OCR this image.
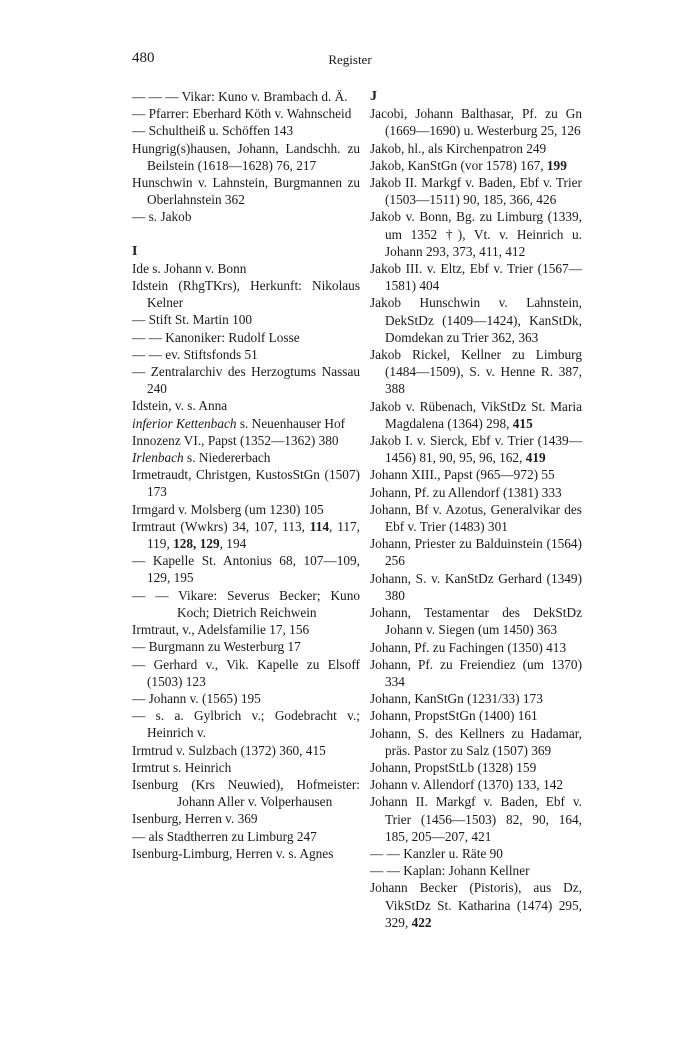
480	Register
— — — Vikar: Kuno v. Brambach d. Ä.
— Pfarrer: Eberhard Köth v. Wahnscheid
— Schultheiß u. Schöffen 143
Hungrig(s)hausen, Johann, Landschh. zu Beilstein (1618—1628) 76, 217
Hunschwin v. Lahnstein, Burgmannen zu Oberlahnstein 362
— s. Jakob
I
Ide s. Johann v. Bonn
Idstein (RhgTKrs), Herkunft: Nikolaus Kelner
— Stift St. Martin 100
— — Kanoniker: Rudolf Losse
— — ev. Stiftsfonds 51
— Zentralarchiv des Herzogtums Nassau 240
Idstein, v. s. Anna
inferior Kettenbach s. Neuenhauser Hof
Innozenz VI., Papst (1352—1362) 380
Irlenbach s. Niedererbach
Irmetraudt, Christgen, KustosStGn (1507) 173
Irmgard v. Molsberg (um 1230) 105
Irmtraut (Wwkrs) 34, 107, 113, 114, 117, 119, 128, 129, 194
— Kapelle St. Antonius 68, 107—109, 129, 195
— — Vikare: Severus Becker; Kuno Koch; Dietrich Reichwein
Irmtraut, v., Adelsfamilie 17, 156
— Burgmann zu Westerburg 17
— Gerhard v., Vik. Kapelle zu Elsoff (1503) 123
— Johann v. (1565) 195
— s. a. Gylbrich v.; Godebracht v.; Heinrich v.
Irmtrud v. Sulzbach (1372) 360, 415
Irmtrut s. Heinrich
Isenburg (Krs Neuwied), Hofmeister: Johann Aller v. Volperhausen
Isenburg, Herren v. 369
— als Stadtherren zu Limburg 247
Isenburg-Limburg, Herren v. s. Agnes
J
Jacobi, Johann Balthasar, Pf. zu Gn (1669—1690) u. Westerburg 25, 126
Jakob, hl., als Kirchenpatron 249
Jakob, KanStGn (vor 1578) 167, 199
Jakob II. Markgf v. Baden, Ebf v. Trier (1503—1511) 90, 185, 366, 426
Jakob v. Bonn, Bg. zu Limburg (1339, um 1352 †), Vt. v. Heinrich u. Johann 293, 373, 411, 412
Jakob III. v. Eltz, Ebf v. Trier (1567—1581) 404
Jakob Hunschwin v. Lahnstein, DekStDz (1409—1424), KanStDk, Domdekan zu Trier 362, 363
Jakob Rickel, Kellner zu Limburg (1484—1509), S. v. Henne R. 387, 388
Jakob v. Rübenach, VikStDz St. Maria Magdalena (1364) 298, 415
Jakob I. v. Sierck, Ebf v. Trier (1439—1456) 81, 90, 95, 96, 162, 419
Johann XIII., Papst (965—972) 55
Johann, Pf. zu Allendorf (1381) 333
Johann, Bf v. Azotus, Generalvikar des Ebf v. Trier (1483) 301
Johann, Priester zu Balduinstein (1564) 256
Johann, S. v. KanStDz Gerhard (1349) 380
Johann, Testamentar des DekStDz Johann v. Siegen (um 1450) 363
Johann, Pf. zu Fachingen (1350) 413
Johann, Pf. zu Freiendiez (um 1370) 334
Johann, KanStGn (1231/33) 173
Johann, PropstStGn (1400) 161
Johann, S. des Kellners zu Hadamar, präs. Pastor zu Salz (1507) 369
Johann, PropstStLb (1328) 159
Johann v. Allendorf (1370) 133, 142
Johann II. Markgf v. Baden, Ebf v. Trier (1456—1503) 82, 90, 164, 185, 205—207, 421
— — Kanzler u. Räte 90
— — Kaplan: Johann Kellner
Johann Becker (Pistoris), aus Dz, VikStDz St. Katharina (1474) 295, 329, 422
